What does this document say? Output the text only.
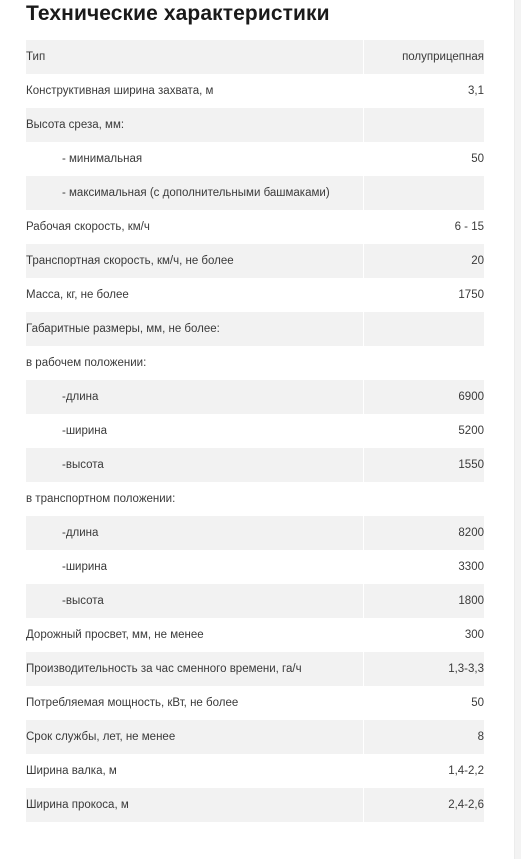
Технические характеристики
Тип	полуприцепная
Конструктивная ширина захвата, м	3,1
Высота среза, мм:	
- минимальная	50
- максимальная (с дополнительными башмаками)	
Рабочая скорость, км/ч	6 - 15
Транспортная скорость, км/ч, не более	20
Масса, кг, не более	1750
Габаритные размеры, мм, не более:	
в рабочем положении:	
-длина	6900
-ширина	5200
-высота	1550
в транспортном положении:	
-длина	8200
-ширина	3300
-высота	1800
Дорожный просвет, мм, не менее	300
Производительность за час сменного времени, га/ч	1,3-3,3
Потребляемая мощность, кВт, не более	50
Срок службы, лет, не менее	8
Ширина валка, м	1,4-2,2
Ширина прокоса, м	2,4-2,6
